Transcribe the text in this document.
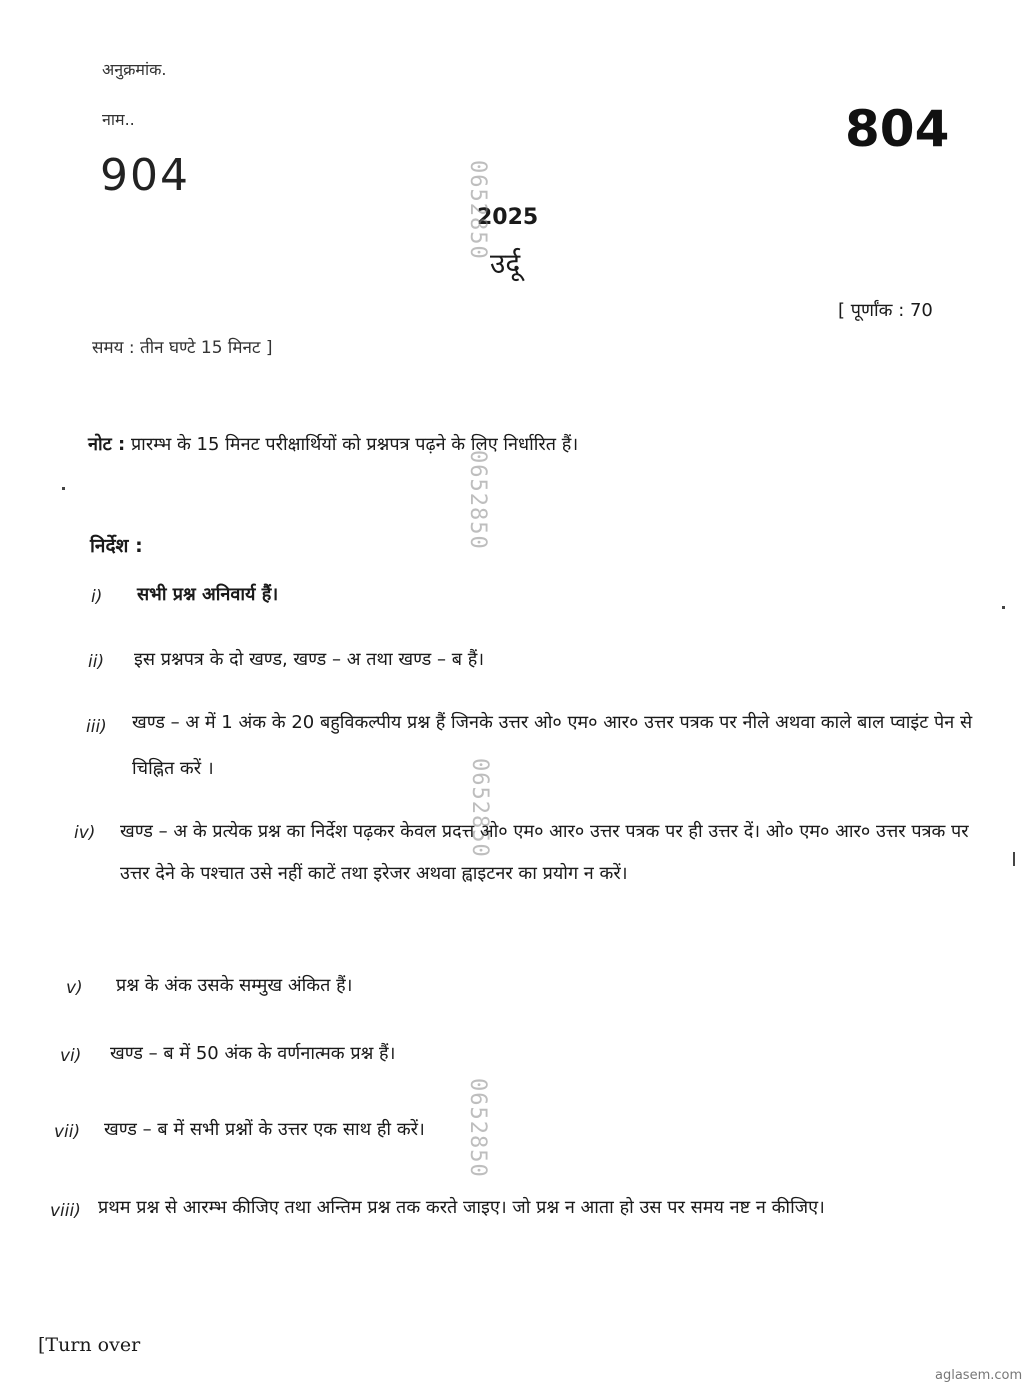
अनुक्रमांक.
नाम..
904
804
2025
उर्दू
[ पूर्णांक : 70
समय : तीन घण्टे 15 मिनट ]
0652850
0652850
0652850
0652850
नोट : प्रारम्भ के 15 मिनट परीक्षार्थियों को प्रश्नपत्र पढ़ने के लिए निर्धारित हैं।
निर्देश :
i) सभी प्रश्न अनिवार्य हैं।
ii) इस प्रश्नपत्र के दो खण्ड, खण्ड – अ तथा खण्ड – ब हैं।
iii) खण्ड – अ में 1 अंक के 20 बहुविकल्पीय प्रश्न हैं जिनके उत्तर ओ० एम० आर० उत्तर पत्रक पर नीले अथवा काले बाल प्वाइंट पेन से चिह्नित करें ।
iv) खण्ड – अ के प्रत्येक प्रश्न का निर्देश पढ़कर केवल प्रदत्त ओ० एम० आर० उत्तर पत्रक पर ही उत्तर दें। ओ० एम० आर० उत्तर पत्रक पर उत्तर देने के पश्चात उसे नहीं काटें तथा इरेजर अथवा ह्वाइटनर का प्रयोग न करें।
v) प्रश्न के अंक उसके सम्मुख अंकित हैं।
vi) खण्ड – ब में 50 अंक के वर्णनात्मक प्रश्न हैं।
vii) खण्ड – ब में सभी प्रश्नों के उत्तर एक साथ ही करें।
viii) प्रथम प्रश्न से आरम्भ कीजिए तथा अन्तिम प्रश्न तक करते जाइए। जो प्रश्न न आता हो उस पर समय नष्ट न कीजिए।
[Turn over
aglasem.com
